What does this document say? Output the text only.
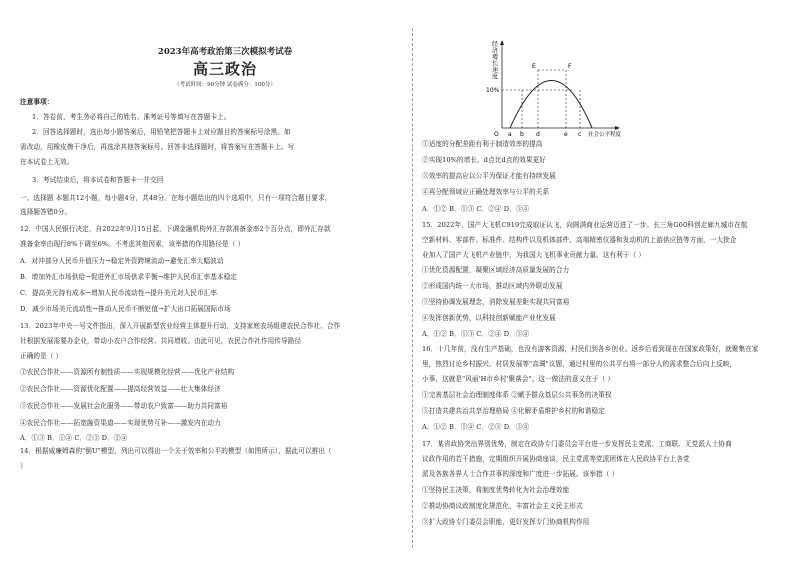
2023年高考政治第三次模拟考试卷
高三政治
（考试时间：90分钟 试卷满分：100分）
注意事项：
1．答卷前，考生务必将自己的姓名、准考证号等填写在答题卡上。
2．回答选择题时，选出每小题答案后，用铅笔把答题卡上对应题目的答案标号涂黑。如
需改动，用橡皮擦干净后，再选涂其他答案标号。回答非选择题时，将答案写在答题卡上。写
在本试卷上无效。
3．考试结束后，将本试卷和答题卡一并交回
一、选择题 本题共12小题，每小题4分，共48分。在每小题给出的四个选项中，只有一项符合题目要求，
选择题答错0分。
12．中国人民银行决定，自2022年9月15日起，下调金融机构外汇存款准备金率2个百分点，即外汇存款
准备金率由现行8%下调至6%。不考虑其他因素，该举措的作用路径是（ ）
A．对冲部分人民币升值压力→稳定外资跨境流动→避免汇率大幅波动
B．增加外汇市场供给→促进外汇市场供求平衡→维护人民币汇率基本稳定
C．提高美元持有成本→增加人民币流动性→提升美元对人民币汇率
D．减少市场美元流动性→推动人民币不断贬值→扩大出口拓展国际市场
13．2023年中央一号文件指出，深入开展新型农业经营主体提升行动，支持家庭农场组建农民合作社、合作
社根据发展需要办企业，带动小农户合作经营、共同增收。由此可见，农民合作社作用传导路径
正确的是（ ）
①农民合作社——资源所有制性质——实现规模化经营——优化产业结构
②农民合作社——资源优化配置——提高经营效益——壮大集体经济
③农民合作社——发展社会化服务——带动农户致富——助力共同富裕
④农民合作社——拓宽融资渠道——实现优势互补——激发内在动力
A．①③ B．①④ C．②③ D．②④
14．根据威廉姆森的"倒U"模型，列出可以得出一个关于效率和公平的模型（如图所示），据此可以推出（
）
经济增长速度
10%
E	F
a b d	e c
O	社会公平程度
①适度的分配差距有利于制造效率的提高
②实现10%的增长，d点比d点的效果更好
③效率的提高应以公平为保证才能有持续发展
④再分配领域应正确处理效率与公平的关系
A．①② B．①③ C．②④ D．③④
15．2022年，国产大飞机C919完成取证认飞，向圆满商业运营迈进了一步。长三角G60科创走廊九城市在航
空新材料、零部件、标准件、结构件以及机体部件、高端精密仪器和发动机的上游供应链等方面，一大批企
业加入了国产大飞机产业链中，为我国大飞机事业贡献力量。这有利于（ ）
①优化资源配置，凝聚区域经济高质量发展的合力
②形成国内统一大市场，推动区域内外联动发展
③坚持协调发展理念，消除发展差距实现共同富裕
④发挥创新优势，以科技创新赋能产业化发展
A．①② B．①③ C．②④ D．③④
16．十几年前，没有生产基础，也没有游客资源，村民们到各乡创业。返乡后看到现在在国家政策好，就聚集在家
里，热烈讨论乡村振兴、村居发展等"高调"议题，通过村里的公共平台将一部分人的需求整合后向上反映，
小事，这就是"风丽'H市乡村'聚落会"。这一做法的意义在于（ ）
①完善基层社会治理制度体系 ②赋予群众基层公共事务的决策权
③打造共建共治共享治理格局 ④化解矛盾维护乡村的和谐稳定
A．①② B．①④ C．②③ D．③④
17．某省政协突出界别优势，制定在政协专门委员会平台进一步发挥民主党派、工商联、无党派人士协商
议政作用的若干措施，定期组织开展协商座谈，民主党派等党派团体在人民政协平台上各党
派及各族各界人士合作共事的深度和广度进一步拓展。该举措（ ）
①坚持民主决策，将制度优势转化为社会治理效能
②推动协商议政制度化规范化，丰富社会主义民主形式
③扩大政协专门委员会职能，更好发挥专门协商机构作用
